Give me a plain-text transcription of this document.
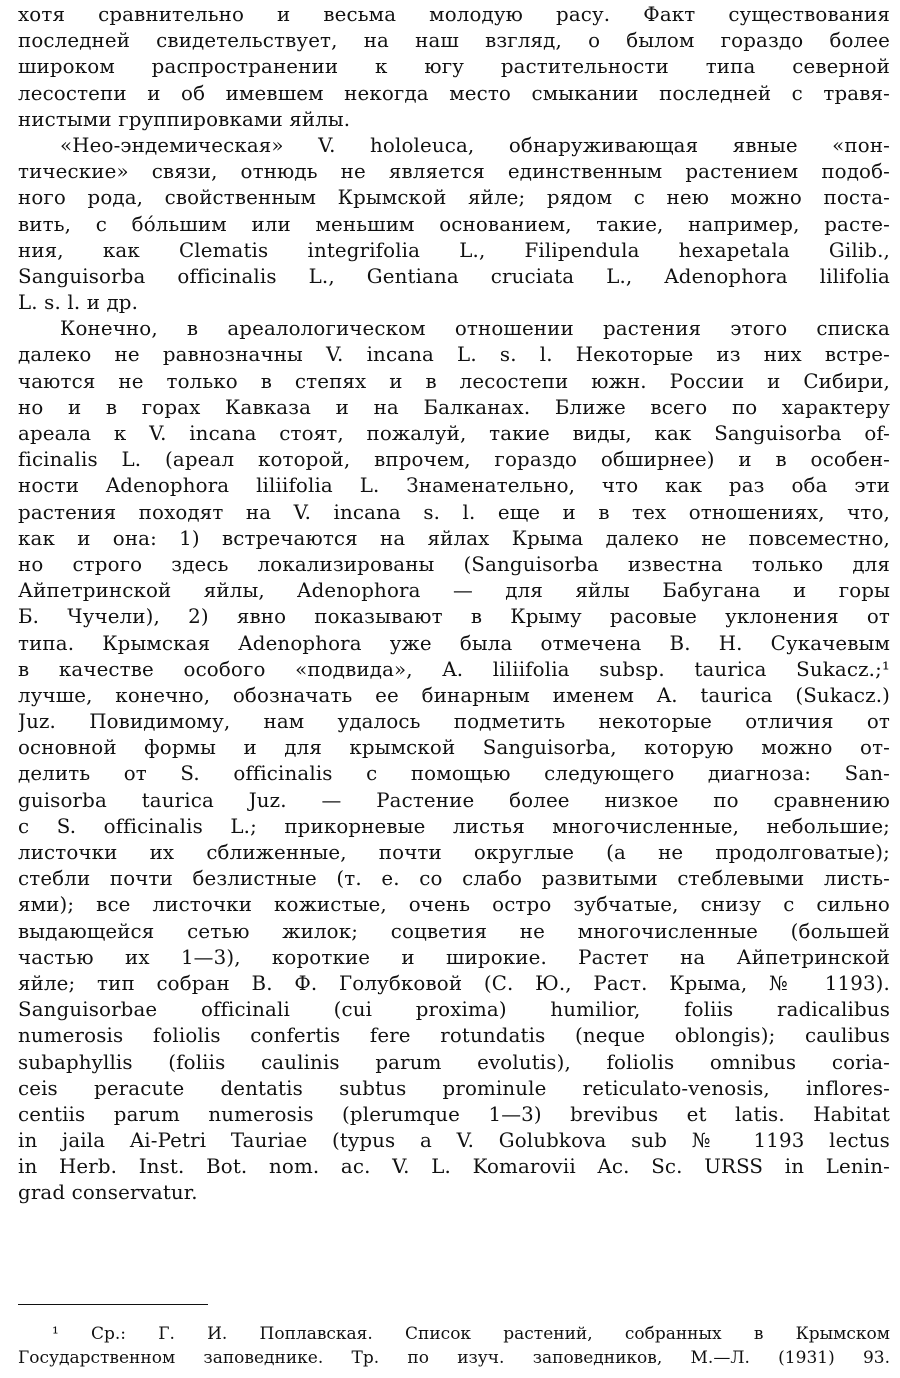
хотя сравнительно и весьма молодую расу. Факт существования
последней свидетельствует, на наш взгляд, о былом гораздо более
широком распространении к югу растительности типа северной
лесостепи и об имевшем некогда место смыкании последней с травя-
нистыми группировками яйлы.
«Нео-эндемическая» V. hololeuca, обнаруживающая явные «пон-
тические» связи, отнюдь не является единственным растением подоб-
ного рода, свойственным Крымской яйле; рядом с нею можно поста-
вить, с бо́льшим или меньшим основанием, такие, например, расте-
ния, как Clematis integrifolia L., Filipendula hexapetala Gilib.,
Sanguisorba officinalis L., Gentiana cruciata L., Adenophora lilifolia
L. s. l. и др.
Конечно, в ареалологическом отношении растения этого списка
далеко не равнозначны V. incana L. s. l. Некоторые из них встре-
чаются не только в степях и в лесостепи южн. России и Сибири,
но и в горах Кавказа и на Балканах. Ближе всего по характеру
ареала к V. incana стоят, пожалуй, такие виды, как Sanguisorba of-
ficinalis L. (ареал которой, впрочем, гораздо обширнее) и в особен-
ности Adenophora liliifolia L. Знаменательно, что как раз оба эти
растения походят на V. incana s. l. еще и в тех отношениях, что,
как и она: 1) встречаются на яйлах Крыма далеко не повсеместно,
но строго здесь локализированы (Sanguisorba известна только для
Айпетринской яйлы, Adenophora — для яйлы Бабугана и горы
Б. Чучели), 2) явно показывают в Крыму расовые уклонения от
типа. Крымская Adenophora уже была отмечена В. Н. Сукачевым
в качестве особого «подвида», A. liliifolia subsp. taurica Sukacz.;¹
лучше, конечно, обозначать ее бинарным именем A. taurica (Sukacz.)
Juz. Повидимому, нам удалось подметить некоторые отличия от
основной формы и для крымской Sanguisorba, которую можно от-
делить от S. officinalis с помощью следующего диагноза: San-
guisorba taurica Juz. — Растение более низкое по сравнению
с S. officinalis L.; прикорневые листья многочисленные, небольшие;
листочки их сближенные, почти округлые (а не продолговатые);
стебли почти безлистные (т. е. со слабо развитыми стеблевыми листь-
ями); все листочки кожистые, очень остро зубчатые, снизу с сильно
выдающейся сетью жилок; соцветия не многочисленные (большей
частью их 1—3), короткие и широкие. Растет на Айпетринской
яйле; тип собран В. Ф. Голубковой (С. Ю., Раст. Крыма, № 1193).
Sanguisorbae officinali (cui proxima) humilior, foliis radicalibus
numerosis foliolis confertis fere rotundatis (neque oblongis); caulibus
subaphyllis (foliis caulinis parum evolutis), foliolis omnibus coria-
ceis peracute dentatis subtus prominule reticulato-venosis, inflores-
centiis parum numerosis (plerumque 1—3) brevibus et latis. Habitat
in jaila Ai-Petri Tauriae (typus a V. Golubkova sub № 1193 lectus
in Herb. Inst. Bot. nom. ac. V. L. Komarovii Ac. Sc. URSS in Lenin-
grad conservatur.
¹ Ср.: Г. И. Поплавская. Список растений, собранных в Крымском
Государственном заповеднике. Тр. по изуч. заповедников, М.—Л. (1931) 93.
